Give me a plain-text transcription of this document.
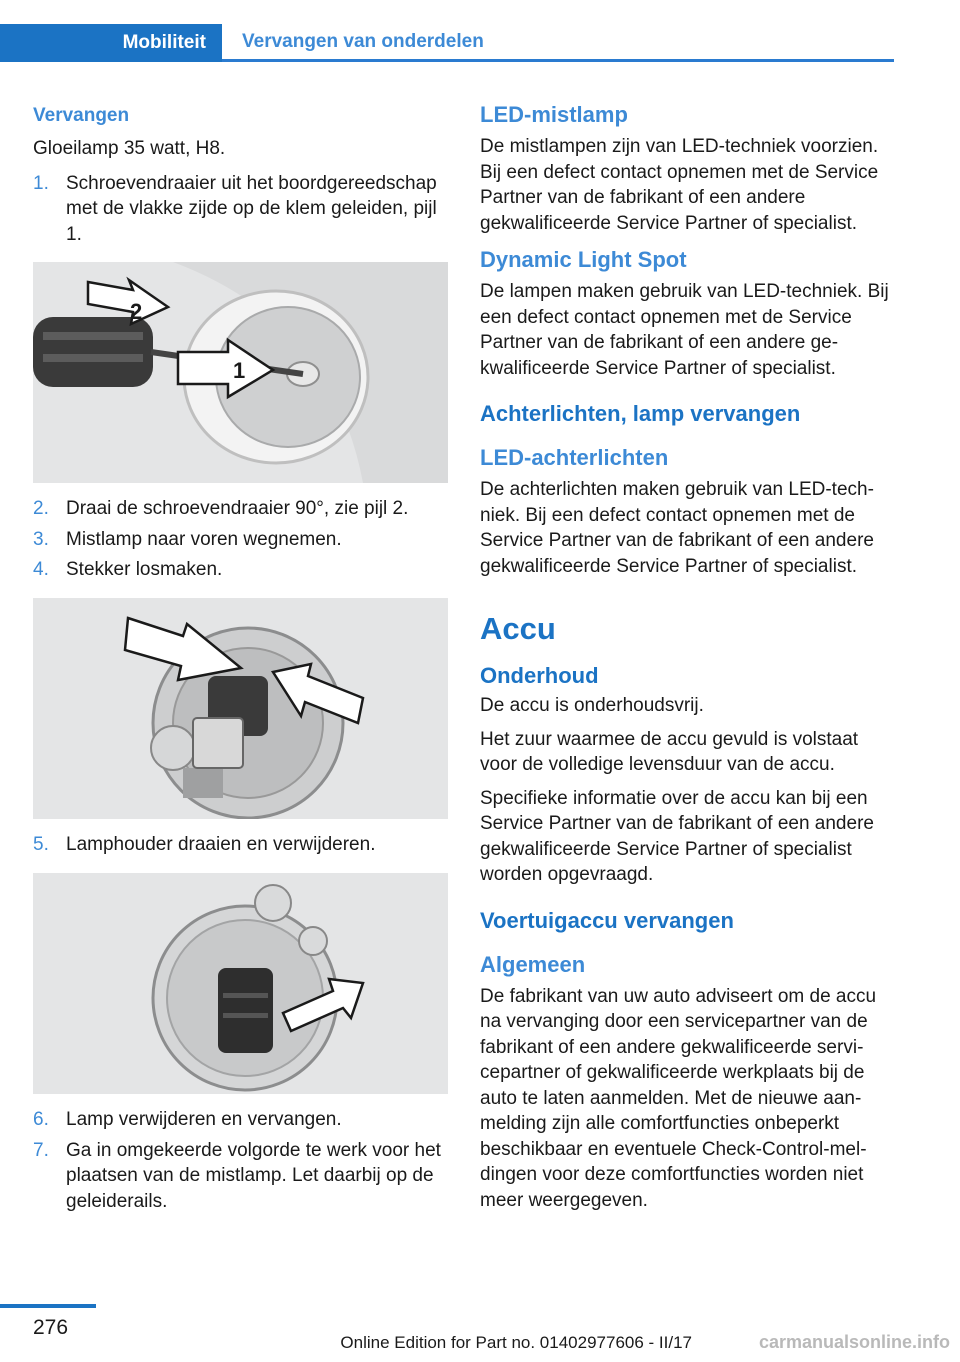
Mobiliteit	Vervangen van onderdelen
Vervangen

Gloeilamp 35 watt, H8.

1. Schroevendraaier uit het boordgereedschap met de vlakke zijde op de klem geleiden, pijl 1.
2
1
2. Draai de schroevendraaier 90°, zie pijl 2.
3. Mistlamp naar voren wegnemen.
4. Stekker losmaken.
5. Lamphouder draaien en verwijderen.
6. Lamp verwijderen en vervangen.
7. Ga in omgekeerde volgorde te werk voor het plaatsen van de mistlamp. Let daarbij op de geleiderails.
LED-mistlamp

De mistlampen zijn van LED-techniek voorzien. Bij een defect contact opnemen met de Service Partner van de fabrikant of een andere gekwalificeerde Service Partner of specialist.

Dynamic Light Spot

De lampen maken gebruik van LED-techniek. Bij een defect contact opnemen met de Service Partner van de fabrikant of een andere gekwalificeerde Service Partner of specialist.

Achterlichten, lamp vervangen
LED-achterlichten

De achterlichten maken gebruik van LED-techniek. Bij een defect contact opnemen met de Service Partner van de fabrikant of een andere gekwalificeerde Service Partner of specialist.

Accu
Onderhoud

De accu is onderhoudsvrij.

Het zuur waarmee de accu gevuld is volstaat voor de volledige levensduur van de accu.

Specifieke informatie over de accu kan bij een Service Partner van de fabrikant of een andere gekwalificeerde Service Partner of specialist worden opgevraagd.

Voertuigaccu vervangen
Algemeen

De fabrikant van uw auto adviseert om de accu na vervanging door een servicepartner van de fabrikant of een andere gekwalificeerde servicepartner of gekwalificeerde werkplaats bij de auto te laten aanmelden. Met de nieuwe aanmelding zijn alle comfortfuncties onbeperkt beschikbaar en eventuele Check-Control-meldingen voor deze comfortfuncties worden niet meer weergegeven.

276
Online Edition for Part no. 01402977606 - II/17	carmanualsonline.info
